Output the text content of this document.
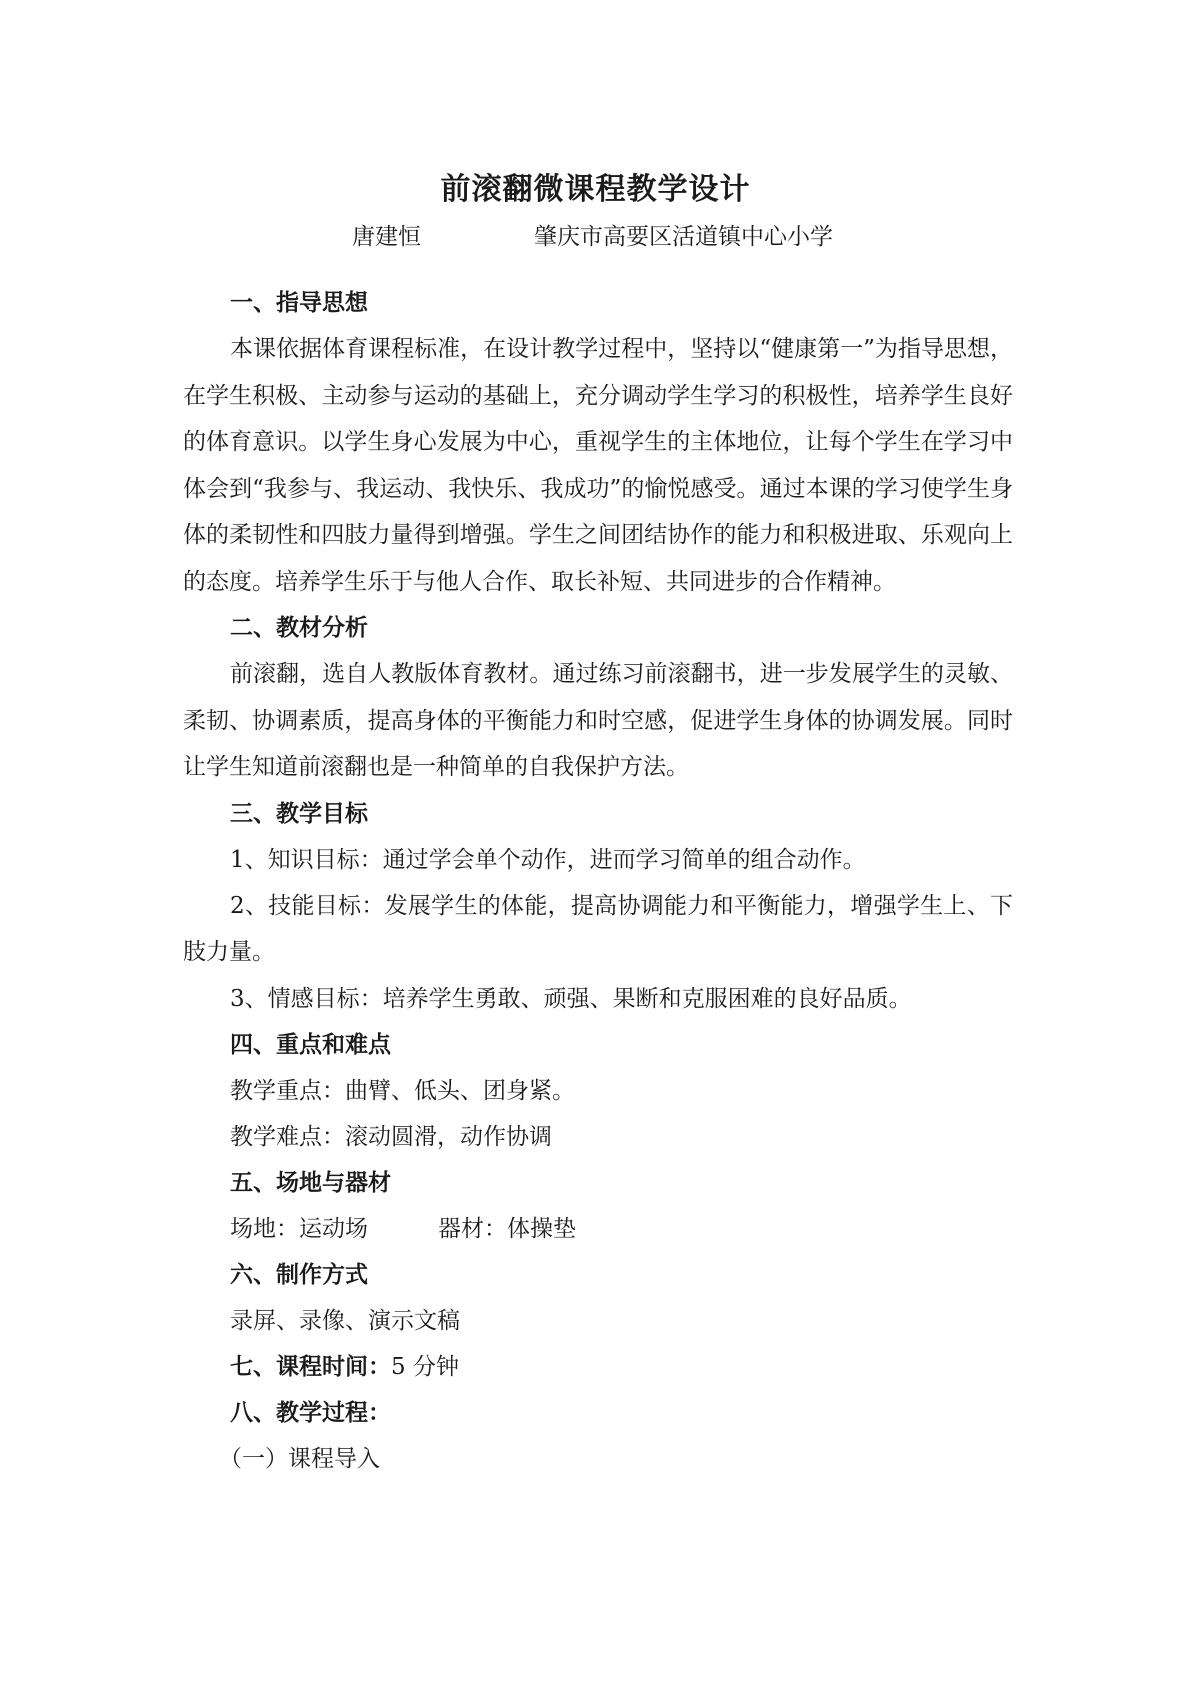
前滚翻微课程教学设计
唐建恒	肇庆市高要区活道镇中心小学
一、指导思想

本课依据体育课程标准，在设计教学过程中，坚持以“健康第一”为指导思想，在学生积极、主动参与运动的基础上，充分调动学生学习的积极性，培养学生良好的体育意识。以学生身心发展为中心，重视学生的主体地位，让每个学生在学习中体会到“我参与、我运动、我快乐、我成功”的愉悦感受。通过本课的学习使学生身体的柔韧性和四肢力量得到增强。学生之间团结协作的能力和积极进取、乐观向上的态度。培养学生乐于与他人合作、取长补短、共同进步的合作精神。

二、教材分析

前滚翻，选自人教版体育教材。通过练习前滚翻书，进一步发展学生的灵敏、柔韧、协调素质，提高身体的平衡能力和时空感，促进学生身体的协调发展。同时让学生知道前滚翻也是一种简单的自我保护方法。

三、教学目标
1、知识目标：通过学会单个动作，进而学习简单的组合动作。

2、技能目标：发展学生的体能，提高协调能力和平衡能力，增强学生上、下肢力量。

3、情感目标：培养学生勇敢、顽强、果断和克服困难的良好品质。
四、重点和难点
教学重点：曲臂、低头、团身紧。
教学难点：滚动圆滑，动作协调
五、场地与器材
场地：运动场	器材：体操垫
六、制作方式
录屏、录像、演示文稿
七、课程时间：5 分钟
八、教学过程：
（一）课程导入
